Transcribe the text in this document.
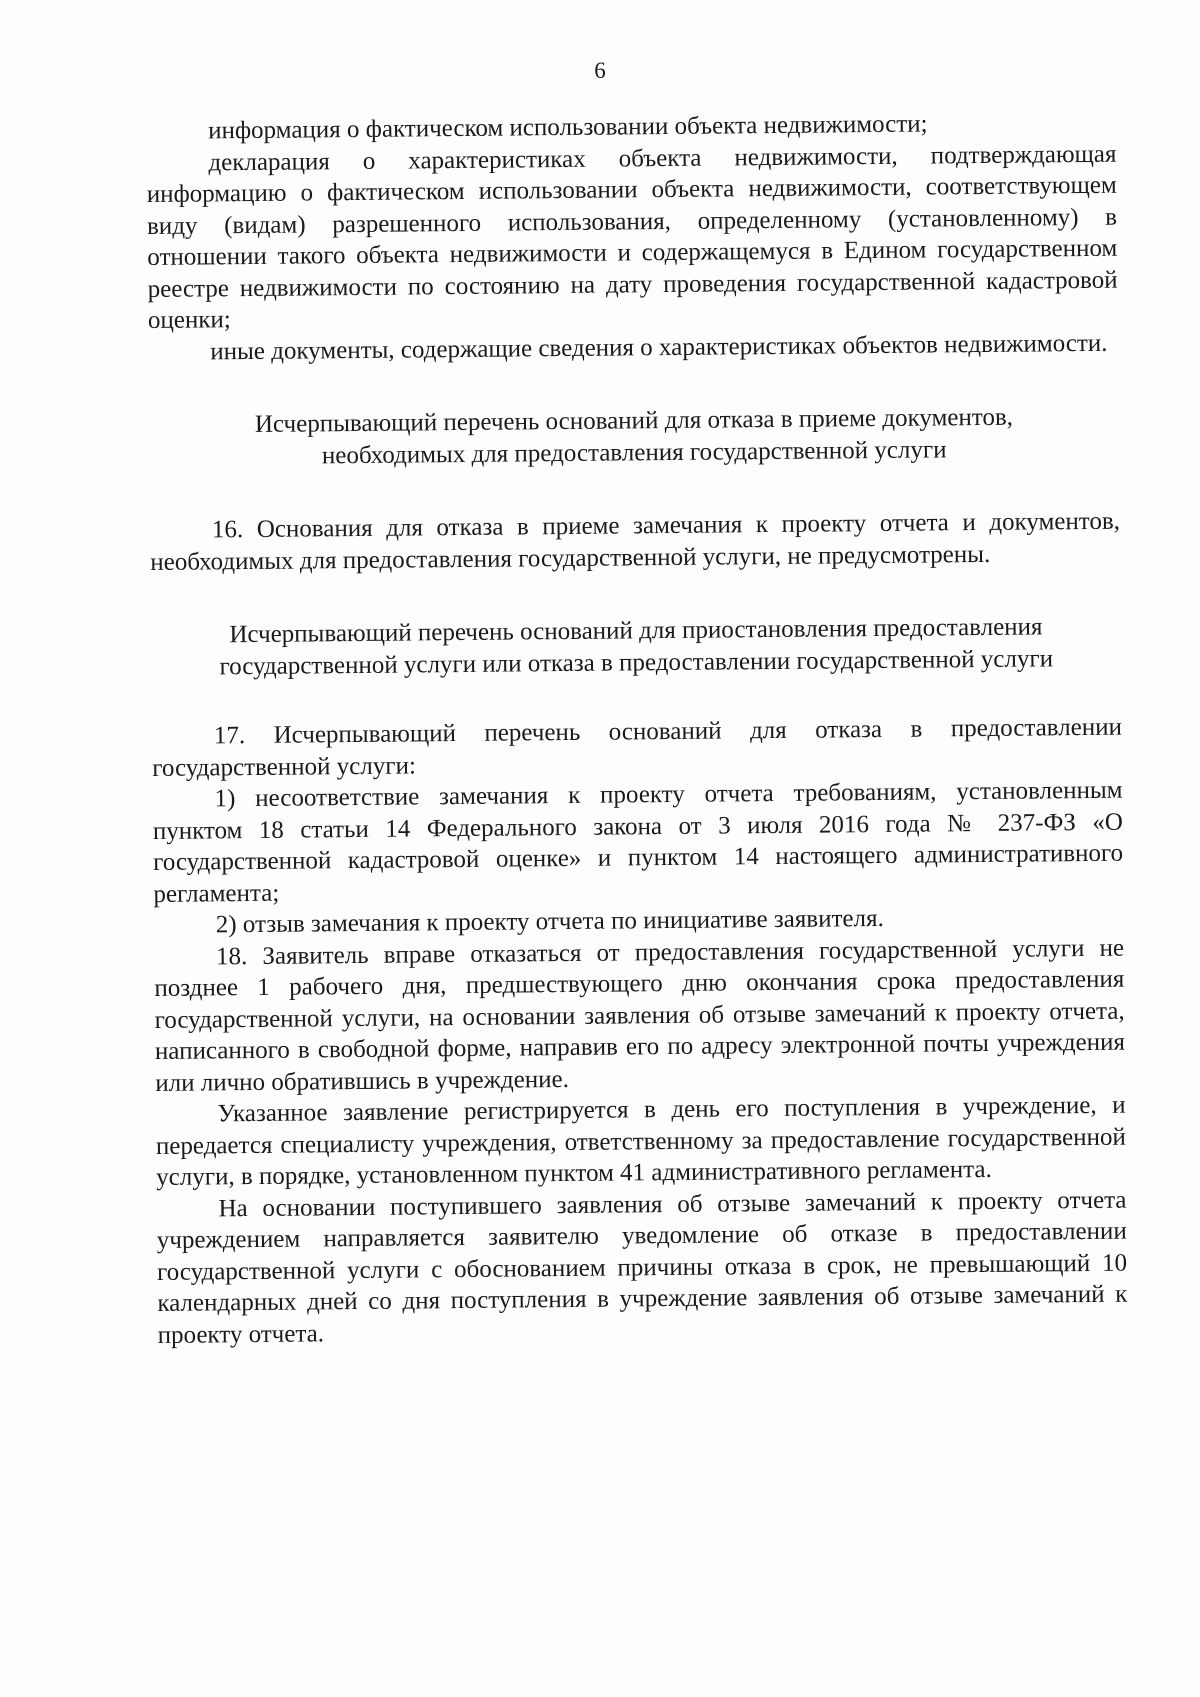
6

информация о фактическом использовании объекта недвижимости;

декларация о характеристиках объекта недвижимости, подтверждающая информацию о фактическом использовании объекта недвижимости, соответствующем виду (видам) разрешенного использования, определенному (установленному) в отношении такого объекта недвижимости и содержащемуся в Едином государственном реестре недвижимости по состоянию на дату проведения государственной кадастровой оценки;

иные документы, содержащие сведения о характеристиках объектов недвижимости.

Исчерпывающий перечень оснований для отказа в приеме документов,

необходимых для предоставления государственной услуги

16. Основания для отказа в приеме замечания к проекту отчета и документов, необходимых для предоставления государственной услуги, не предусмотрены.

Исчерпывающий перечень оснований для приостановления предоставления

государственной услуги или отказа в предоставлении государственной услуги

17. Исчерпывающий перечень оснований для отказа в предоставлении государственной услуги:

1) несоответствие замечания к проекту отчета требованиям, установленным пунктом 18 статьи 14 Федерального закона от 3 июля 2016 года № 237-ФЗ «О государственной кадастровой оценке» и пунктом 14 настоящего административного регламента;

2) отзыв замечания к проекту отчета по инициативе заявителя.

18. Заявитель вправе отказаться от предоставления государственной услуги не позднее 1 рабочего дня, предшествующего дню окончания срока предоставления государственной услуги, на основании заявления об отзыве замечаний к проекту отчета, написанного в свободной форме, направив его по адресу электронной почты учреждения или лично обратившись в учреждение.

Указанное заявление регистрируется в день его поступления в учреждение, и передается специалисту учреждения, ответственному за предоставление государственной услуги, в порядке, установленном пунктом 41 административного регламента.

На основании поступившего заявления об отзыве замечаний к проекту отчета учреждением направляется заявителю уведомление об отказе в предоставлении государственной услуги с обоснованием причины отказа в срок, не превышающий 10 календарных дней со дня поступления в учреждение заявления об отзыве замечаний к проекту отчета.
